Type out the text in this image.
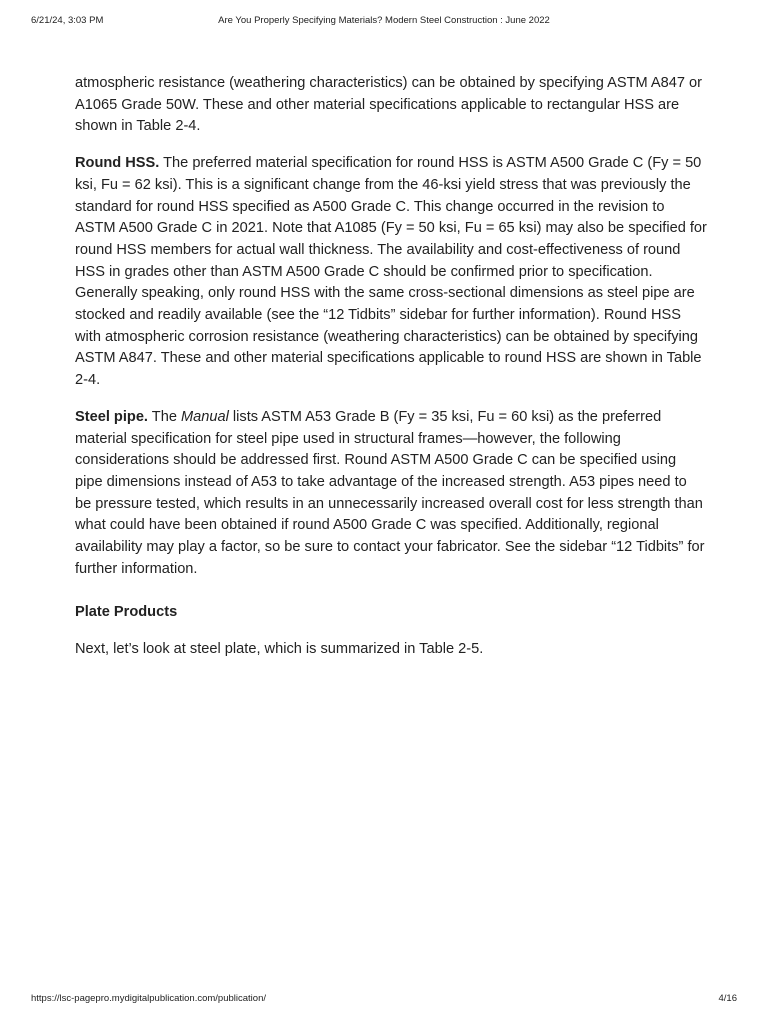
6/21/24, 3:03 PM	Are You Properly Specifying Materials? Modern Steel Construction : June 2022

atmospheric resistance (weathering characteristics) can be obtained by specifying ASTM A847 or A1065 Grade 50W. These and other material specifications applicable to rectangular HSS are shown in Table 2-4.

Round HSS. The preferred material specification for round HSS is ASTM A500 Grade C (Fy = 50 ksi, Fu = 62 ksi). This is a significant change from the 46-ksi yield stress that was previously the standard for round HSS specified as A500 Grade C. This change occurred in the revision to ASTM A500 Grade C in 2021. Note that A1085 (Fy = 50 ksi, Fu = 65 ksi) may also be specified for round HSS members for actual wall thickness. The availability and cost-effectiveness of round HSS in grades other than ASTM A500 Grade C should be confirmed prior to specification. Generally speaking, only round HSS with the same cross-sectional dimensions as steel pipe are stocked and readily available (see the “12 Tidbits” sidebar for further information). Round HSS with atmospheric corrosion resistance (weathering characteristics) can be obtained by specifying ASTM A847. These and other material specifications applicable to round HSS are shown in Table 2-4.

Steel pipe. The Manual lists ASTM A53 Grade B (Fy = 35 ksi, Fu = 60 ksi) as the preferred material specification for steel pipe used in structural frames—however, the following considerations should be addressed first. Round ASTM A500 Grade C can be specified using pipe dimensions instead of A53 to take advantage of the increased strength. A53 pipes need to be pressure tested, which results in an unnecessarily increased overall cost for less strength than what could have been obtained if round A500 Grade C was specified. Additionally, regional availability may play a factor, so be sure to contact your fabricator. See the sidebar “12 Tidbits” for further information.

Plate Products

Next, let’s look at steel plate, which is summarized in Table 2-5.

https://lsc-pagepro.mydigitalpublication.com/publication/	4/16
